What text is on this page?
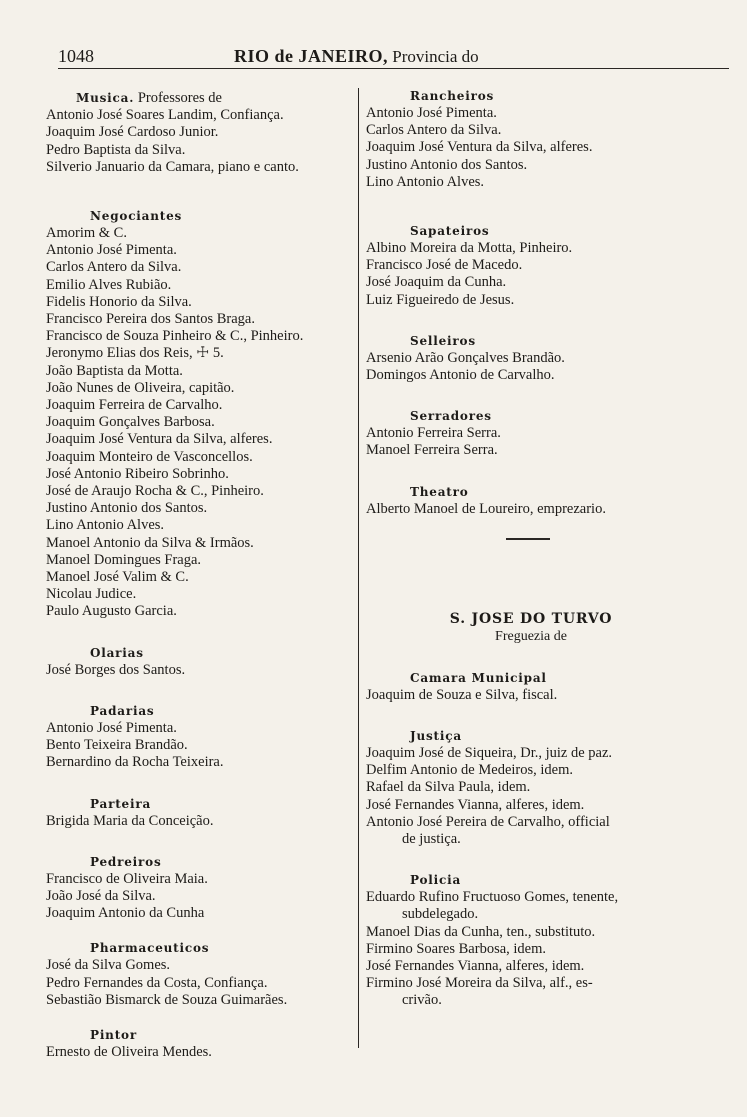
1048	RIO de JANEIRO, Provincia do
Musica. Professores de
Antonio José Soares Landim, Confiança.
Joaquim José Cardoso Junior.
Pedro Baptista da Silva.
Silverio Januario da Camara, piano e canto.
Negociantes
Amorim & C.
Antonio José Pimenta.
Carlos Antero da Silva.
Emilio Alves Rubião.
Fidelis Honorio da Silva.
Francisco Pereira dos Santos Braga.
Francisco de Souza Pinheiro & C., Pinheiro.
Jeronymo Elias dos Reis, ☩ 5.
João Baptista da Motta.
João Nunes de Oliveira, capitão.
Joaquim Ferreira de Carvalho.
Joaquim Gonçalves Barbosa.
Joaquim José Ventura da Silva, alferes.
Joaquim Monteiro de Vasconcellos.
José Antonio Ribeiro Sobrinho.
José de Araujo Rocha & C., Pinheiro.
Justino Antonio dos Santos.
Lino Antonio Alves.
Manoel Antonio da Silva & Irmãos.
Manoel Domingues Fraga.
Manoel José Valim & C.
Nicolau Judice.
Paulo Augusto Garcia.
Olarias
José Borges dos Santos.
Padarias
Antonio José Pimenta.
Bento Teixeira Brandão.
Bernardino da Rocha Teixeira.
Parteira
Brigida Maria da Conceição.
Pedreiros
Francisco de Oliveira Maia.
João José da Silva.
Joaquim Antonio da Cunha
Pharmaceuticos
José da Silva Gomes.
Pedro Fernandes da Costa, Confiança.
Sebastião Bismarck de Souza Guimarães.
Pintor
Ernesto de Oliveira Mendes.
Rancheiros
Antonio José Pimenta.
Carlos Antero da Silva.
Joaquim José Ventura da Silva, alferes.
Justino Antonio dos Santos.
Lino Antonio Alves.
Sapateiros
Albino Moreira da Motta, Pinheiro.
Francisco José de Macedo.
José Joaquim da Cunha.
Luiz Figueiredo de Jesus.
Selleiros
Arsenio Arão Gonçalves Brandão.
Domingos Antonio de Carvalho.
Serradores
Antonio Ferreira Serra.
Manoel Ferreira Serra.
Theatro
Alberto Manoel de Loureiro, emprezario.
S. JOSE DO TURVO
Freguezia de
Camara Municipal
Joaquim de Souza e Silva, fiscal.
Justiça
Joaquim José de Siqueira, Dr., juiz de paz.
Delfim Antonio de Medeiros, idem.
Rafael da Silva Paula, idem.
José Fernandes Vianna, alferes, idem.
Antonio José Pereira de Carvalho, official
de justiça.
Policia
Eduardo Rufino Fructuoso Gomes, tenente,
subdelegado.
Manoel Dias da Cunha, ten., substituto.
Firmino Soares Barbosa, idem.
José Fernandes Vianna, alferes, idem.
Firmino José Moreira da Silva, alf., es-
crivão.
